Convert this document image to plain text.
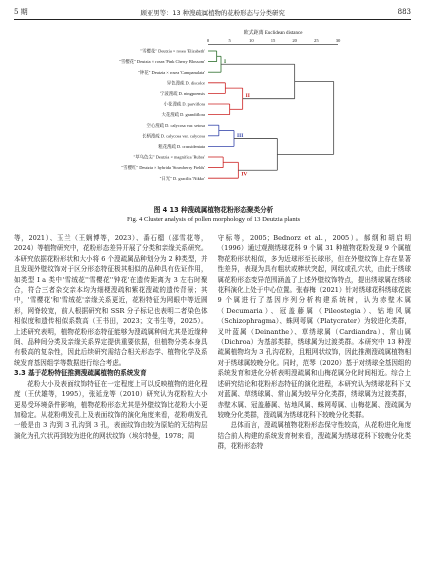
5 期	顾亚男等：13 种溲疏属植物的花粉形态与分类研究	883
欧式距离 Euclidean distance
0	5	10	15	20	25	30
"雪樱花" Deutzia × rosea 'Elizabeth'
"雪樱花" Deutzia × rosea 'Pink Cherry Blossom'
"钟花" Deutzia × rosea 'Campanulata'
异色溲疏 D. discolor
宁波溲疏 D. ningpoensis
小花溲疏 D. parviflora
大花溲疏 D. grandiflora
空心溲疏 D. calycosa var. setosa
长柄溲疏 D. calycosa var. calycosa
粗花溲疏 D. crassidentata
"草乌色尖" Deutzia × magnifica 'Rubra'
"雪樱红" Deutzia × hybrida 'Strawberry Fields'
"日光" D. gracilis 'Nikko'
I
II
III
IV
图 4 13 种溲疏属植物花粉形态聚类分析
Fig. 4 Cluster analysis of pollen morphology of 13 Deutzia plants

等，2021）、玉兰（王娴博等，2023）、番石榴（邵雪花等，2024）等植物研究中，花粉形态差异开展了分类和亲缘关系研究。本研究依据花粉形状和大小将 6 个溲疏属品种划分为 2 种类型，并且发现外壁纹饰对于区分形态特征极其相似的品种具有佐证作用，如类型 I a 类中'雪绒花''雪樱花''钟花'在遗传距离为 3 左右时聚合，符合三者杂交亲本均为细梗溲疏和紫花溲疏的遗传背景；其中，'雪樱花'和'雪绒花'亲缘关系更近，花粉特征为网眼中等近圆形，网脊较宽，前人根据研究和 SSR 分子标记也表明二者染色体相似度和遗传相似系数高（王书田，2023；文书生等，2025）。上述研究表明，植物花粉形态特征能够为溲疏属种间尤其是近缘种间、品种间分类及亲缘关系界定提供重要依据，但植物分类本身具有极高的复杂性，因此后续研究需结合相关形态学、植物化学及系统发育基因组学等数据进行综合考虑。

3.3 基于花粉特征推测溲疏属植物的系统发育

花粉大小及表面纹饰特征在一定程度上可以反映植物的进化程度（王伏雄等，1995），张延龙等（2010）研究认为花粉粒大小更易受环境条件影响，植物花粉形态尤其是外壁纹饰比花粉大小更加稳定。从花粉萌发孔上及表面纹饰的演化角度来看，花粉萌发孔一般是由 3 沟到 3 孔沟到 3 孔，表面纹饰由较为原始的无结构层演化为孔穴状再到较为进化的网状纹饰（埃尔特曼，1978；周

守标等，2005；Bednorz et al.，2005）。郝纲和胡启明（1996）通过观测绣球花科 9 个属 31 种植物花粉发现 9 个属植物花粉形状相似，多为近球形至长球形，但在外壁纹饰上存在显著性差异，表现为具有粗状或棒状突起，网纹或孔穴状，由此于绣球属花粉形态变异范围涵盖了上述外壁纹饰特点，提出绣球属在绣球花科演化上处于中心位置。张春梅（2021）针对绣球花科绣球花族 9 个属进行了基因序列分析构建系统树，认为赤壁木属（Decumaria）、冠盖藤属（Pileostegia）、钻地风属（Schizophragma）、蛛网萼属（Platycrater）为较进化类群，叉叶蓝属（Deinanthe）、草绣球属（Cardiandra）、常山属（Dichroa）为基部类群，绣球属为过渡类群。本研究中 13 种溲疏属植物均为 3 孔沟花粉，且粗网状纹饰，因此推测溲疏属植物相对于绣球属较晚分化。同时，范琴（2020）基于对绣球全基因组的系统发育和进化分析表明溲疏属和山梅花属分化时间相近。综合上述研究结论和花粉形态特征的演化进程，本研究认为绣球花科下又对蓝属、草绣球属、常山属为较早分化类群，绣球属为过渡类群，赤壁木属、冠盖藤属、钻地风属、蛛网萼属、山梅花属、溲疏属为较晚分化类群，溲疏属为绣球花科下较晚分化类群。

总体而言，溲疏属植物花粉形态保守性较高，从花粉进化角度结合前人构建的系统发育树来看，溲疏属为绣球花科下较晚分化类群，花粉形态特
